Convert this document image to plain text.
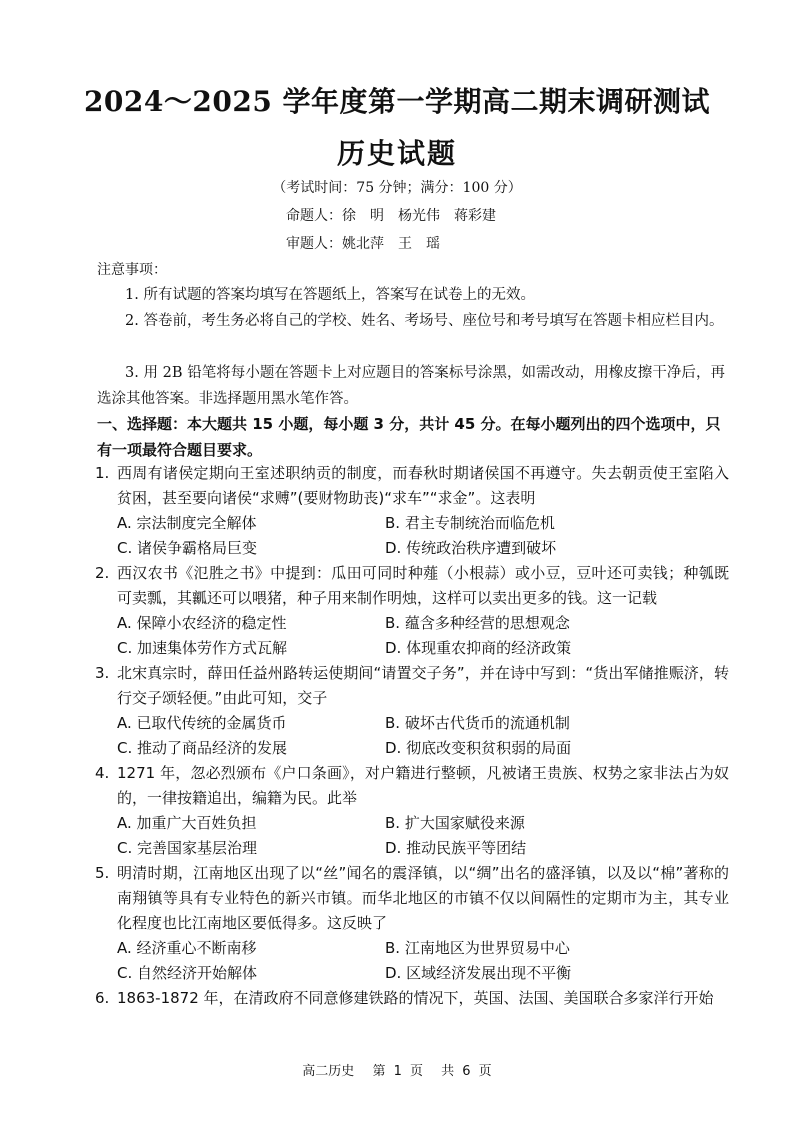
2024～2025 学年度第一学期高二期末调研测试
历史试题
（考试时间：75 分钟；满分：100 分）
命题人：徐　明　杨光伟　蒋彩建
审题人：姚北萍　王　瑶
注意事项：
1. 所有试题的答案均填写在答题纸上，答案写在试卷上的无效。
2. 答卷前，考生务必将自己的学校、姓名、考场号、座位号和考号填写在答题卡相应栏目内。
3. 用 2B 铅笔将每小题在答题卡上对应题目的答案标号涂黑，如需改动，用橡皮擦干净后，再选涂其他答案。非选择题用黑水笔作答。
一、选择题：本大题共 15 小题，每小题 3 分，共计 45 分。在每小题列出的四个选项中，只有一项最符合题目要求。
1. 西周有诸侯定期向王室述职纳贡的制度，而春秋时期诸侯国不再遵守。失去朝贡使王室陷入贫困，甚至要向诸侯“求赙”(要财物助丧)“求车”“求金”。这表明
A. 宗法制度完全解体	B. 君主专制统治而临危机
C. 诸侯争霸格局巨变	D. 传统政治秩序遭到破坏
2. 西汉农书《氾胜之书》中提到：瓜田可同时种薤（小根蒜）或小豆，豆叶还可卖钱；种瓠既可卖瓢，其瓤还可以喂猪，种子用来制作明烛，这样可以卖出更多的钱。这一记载
A. 保障小农经济的稳定性	B. 蕴含多种经营的思想观念
C. 加速集体劳作方式瓦解	D. 体现重农抑商的经济政策
3. 北宋真宗时，薛田任益州路转运使期间“请置交子务”，并在诗中写到：“货出军储推赈济，转行交子颂轻便。”由此可知，交子
A. 已取代传统的金属货币	B. 破坏古代货币的流通机制
C. 推动了商品经济的发展	D. 彻底改变积贫积弱的局面
4. 1271 年，忽必烈颁布《户口条画》，对户籍进行整顿，凡被诸王贵族、权势之家非法占为奴的，一律按籍追出，编籍为民。此举
A. 加重广大百姓负担	B. 扩大国家赋役来源
C. 完善国家基层治理	D. 推动民族平等团结
5. 明清时期，江南地区出现了以“丝”闻名的震泽镇，以“绸”出名的盛泽镇，以及以“棉”著称的南翔镇等具有专业特色的新兴市镇。而华北地区的市镇不仅以间隔性的定期市为主，其专业化程度也比江南地区要低得多。这反映了
A. 经济重心不断南移	B. 江南地区为世界贸易中心
C. 自然经济开始解体	D. 区域经济发展出现不平衡
6. 1863-1872 年，在清政府不同意修建铁路的情况下，英国、法国、美国联合多家洋行开始
高二历史 第 1 页 共 6 页
